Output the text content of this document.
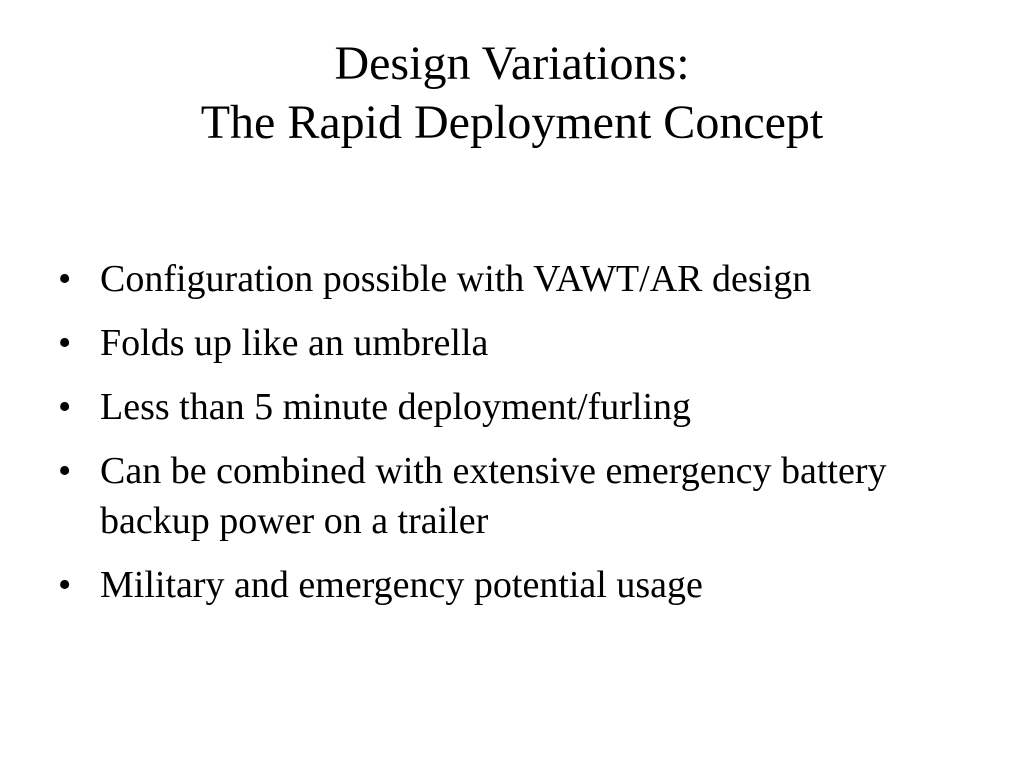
Design Variations:
The Rapid Deployment Concept
• Configuration possible with VAWT/AR design
• Folds up like an umbrella
• Less than 5 minute deployment/furling
• Can be combined with extensive emergency battery backup power on a trailer
• Military and emergency potential usage
